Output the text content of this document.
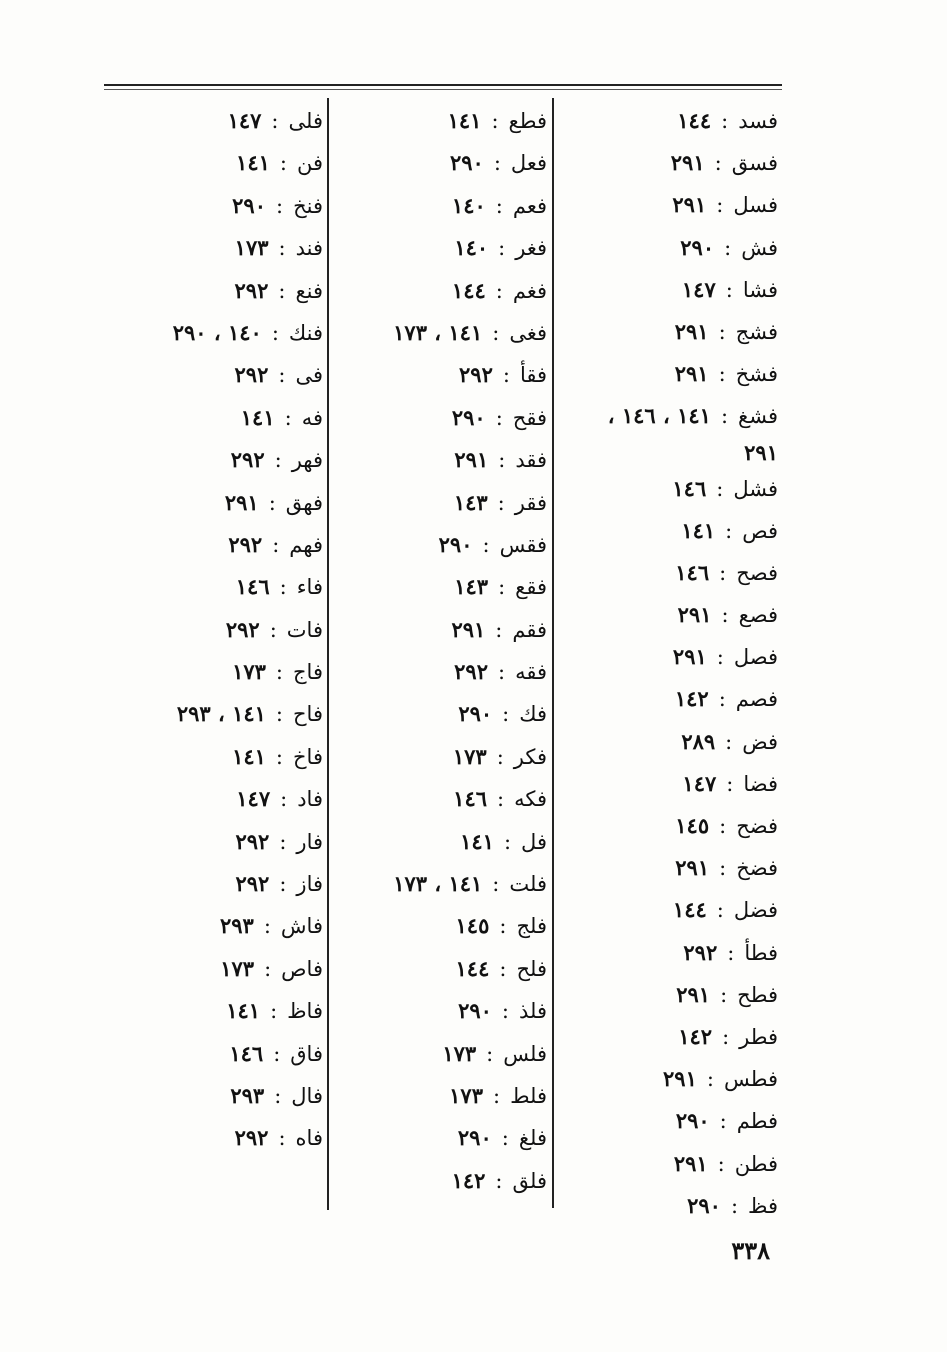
فسد:١٤٤
فسق:٢٩١
فسل:٢٩١
فش:٢٩٠
فشا:١٤٧
فشج:٢٩١
فشخ:٢٩١
فشغ:١٤١ ، ١٤٦ ،
٢٩١
فشل:١٤٦
فص:١٤١
فصح:١٤٦
فصع:٢٩١
فصل:٢٩١
فصم:١٤٢
فض:٢٨٩
فضا:١٤٧
فضح:١٤٥
فضخ:٢٩١
فضل:١٤٤
فطأ:٢٩٢
فطح:٢٩١
فطر:١٤٢
فطس:٢٩١
فطم:٢٩٠
فطن:٢٩١
فظ:٢٩٠
فطع:١٤١
فعل:٢٩٠
فعم:١٤٠
فغر:١٤٠
فغم:١٤٤
فغى:١٤١ ، ١٧٣
فقأ:٢٩٢
فقح:٢٩٠
فقد:٢٩١
فقر:١٤٣
فقس:٢٩٠
فقع:١٤٣
فقم:٢٩١
فقه:٢٩٢
فك:٢٩٠
فكر:١٧٣
فكه:١٤٦
فل:١٤١
فلت:١٤١ ، ١٧٣
فلج:١٤٥
فلح:١٤٤
فلذ:٢٩٠
فلس:١٧٣
فلط:١٧٣
فلغ:٢٩٠
فلق:١٤٢
فلى:١٤٧
فن:١٤١
فنخ:٢٩٠
فند:١٧٣
فنع:٢٩٢
فنك:١٤٠ ، ٢٩٠
فى:٢٩٢
فه:١٤١
فهر:٢٩٢
فهق:٢٩١
فهم:٢٩٢
فاء:١٤٦
فات:٢٩٢
فاج:١٧٣
فاح:١٤١ ، ٢٩٣
فاخ:١٤١
فاد:١٤٧
فار:٢٩٢
فاز:٢٩٢
فاش:٢٩٣
فاص:١٧٣
فاظ:١٤١
فاق:١٤٦
فال:٢٩٣
فاه:٢٩٢
٣٣٨
